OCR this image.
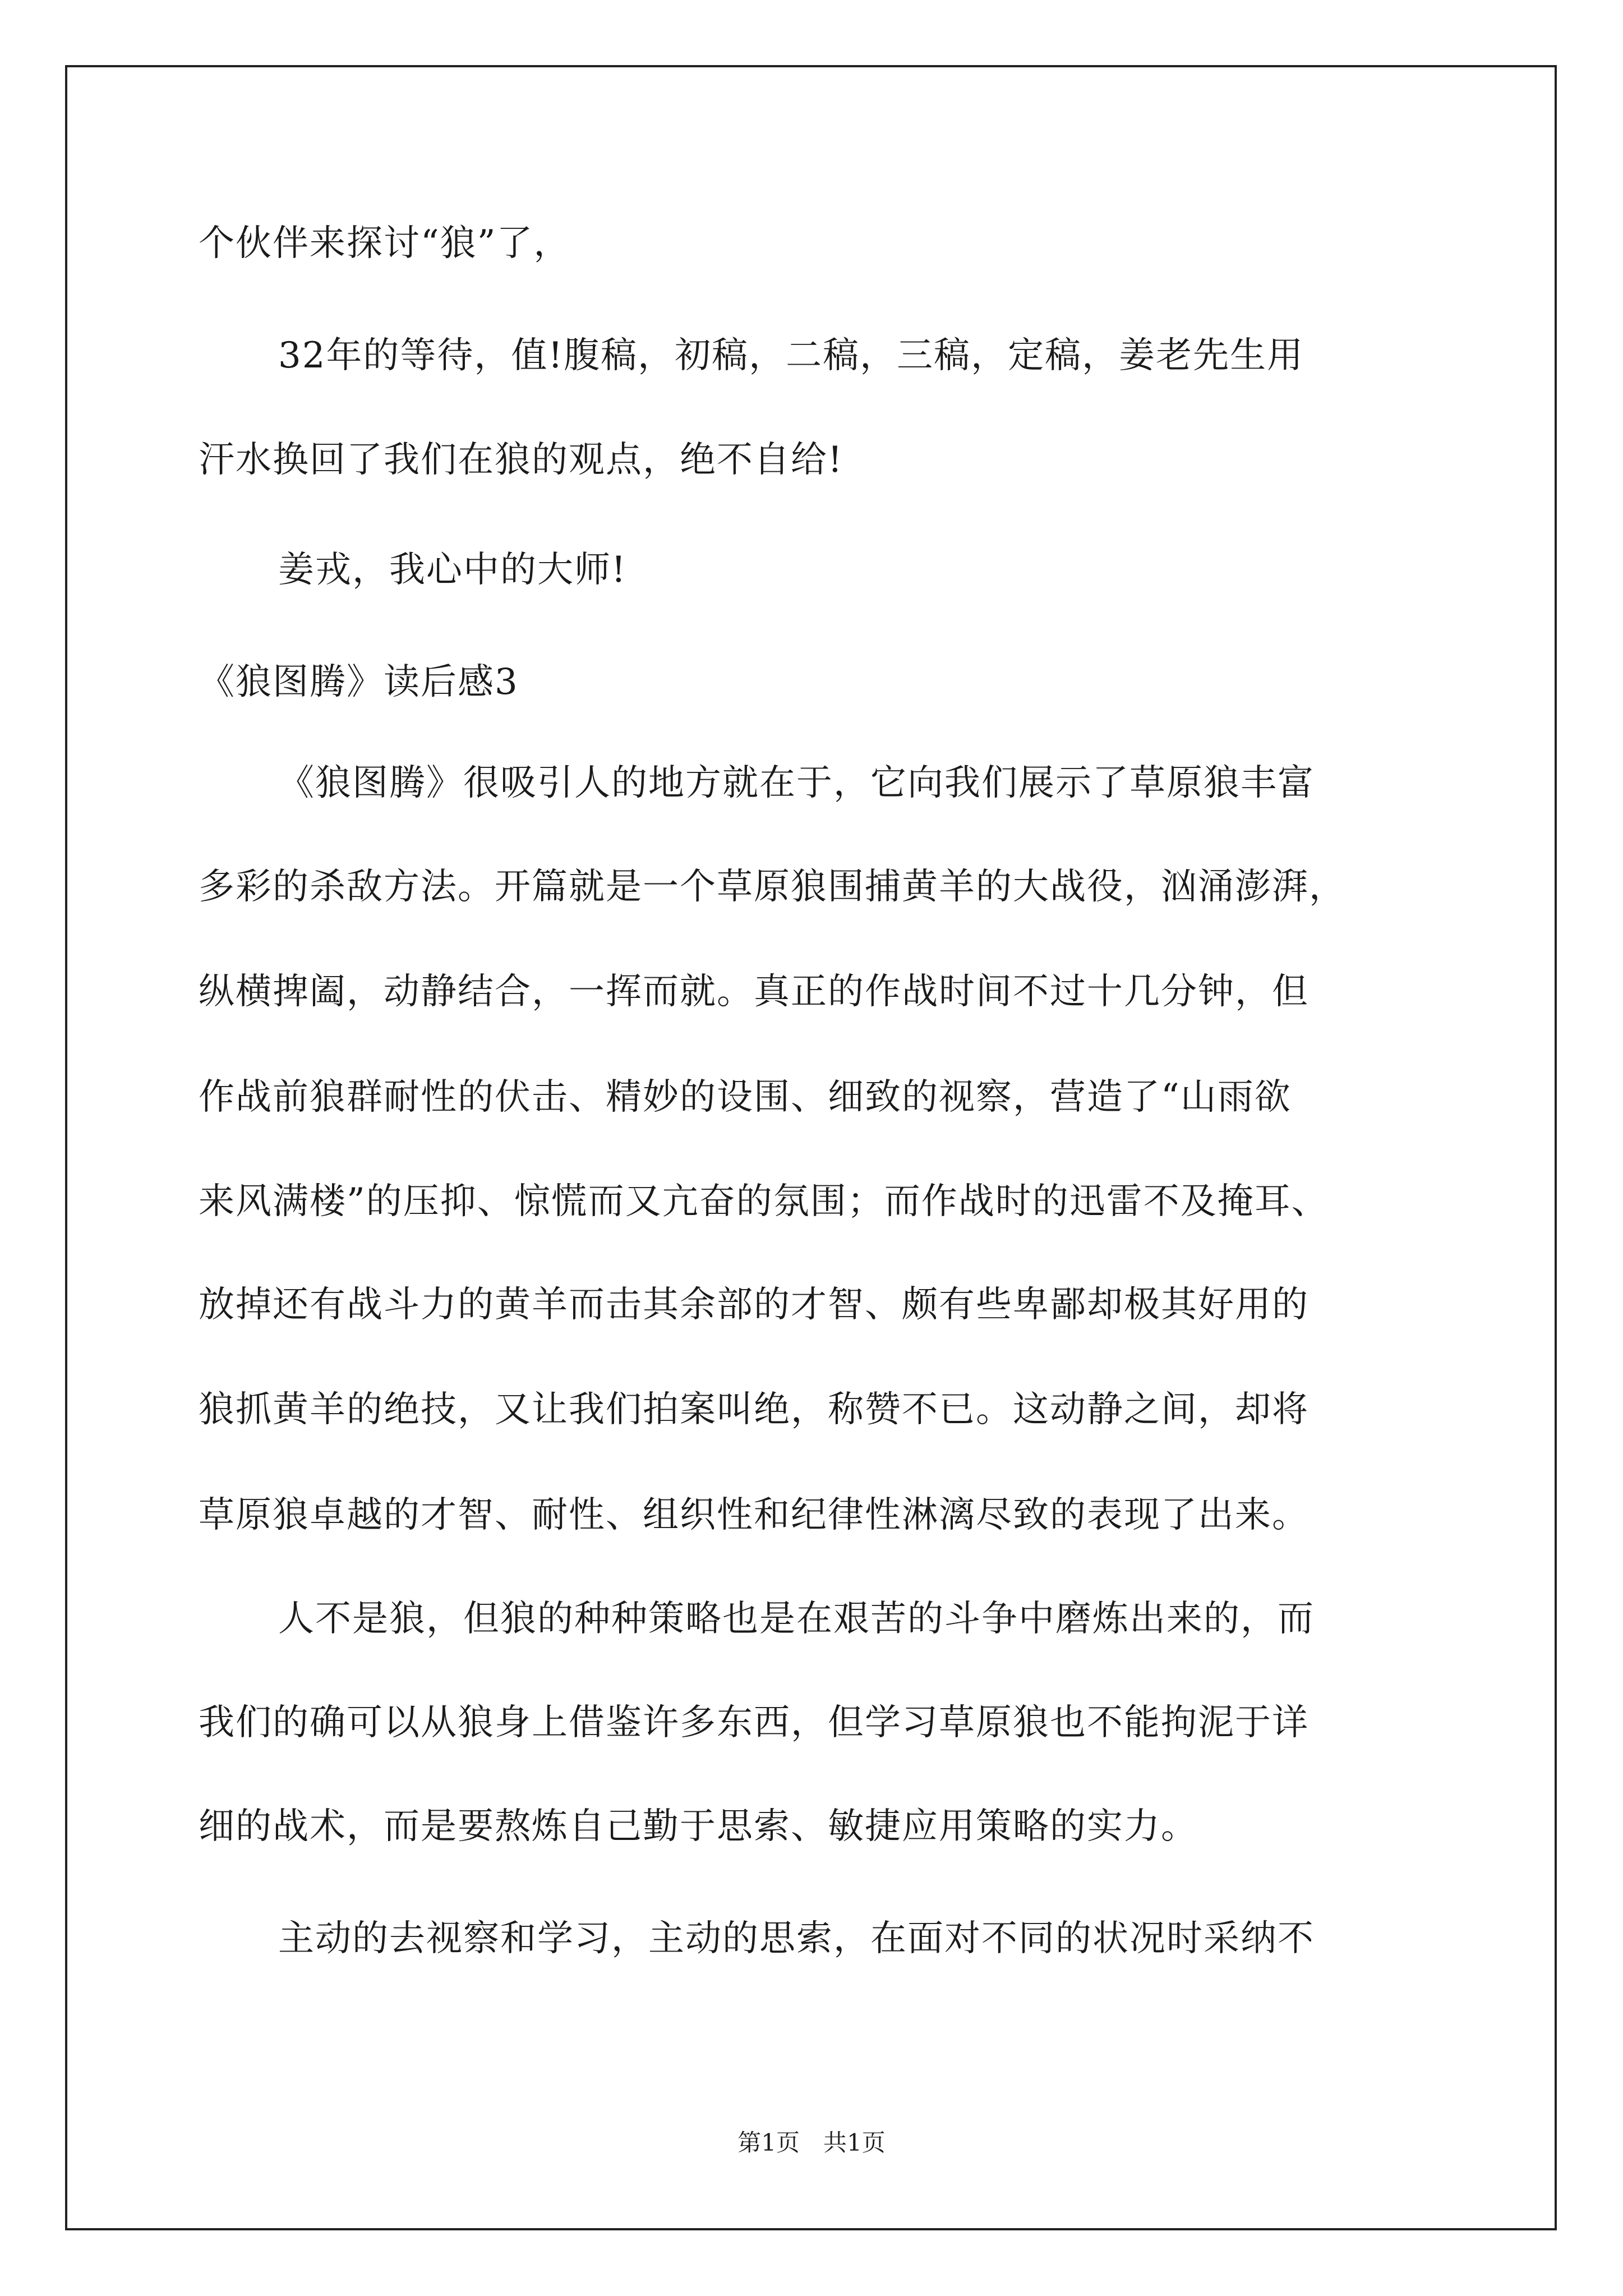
个伙伴来探讨“狼”了，
32年的等待，值!腹稿，初稿，二稿，三稿，定稿，姜老先生用
汗水换回了我们在狼的观点，绝不自给!
姜戎，我心中的大师!
《狼图腾》读后感3
《狼图腾》很吸引人的地方就在于，它向我们展示了草原狼丰富
多彩的杀敌方法。开篇就是一个草原狼围捕黄羊的大战役，汹涌澎湃，
纵横捭阖，动静结合，一挥而就。真正的作战时间不过十几分钟，但
作战前狼群耐性的伏击、精妙的设围、细致的视察，营造了“山雨欲
来风满楼”的压抑、惊慌而又亢奋的氛围；而作战时的迅雷不及掩耳、
放掉还有战斗力的黄羊而击其余部的才智、颇有些卑鄙却极其好用的
狼抓黄羊的绝技，又让我们拍案叫绝，称赞不已。这动静之间，却将
草原狼卓越的才智、耐性、组织性和纪律性淋漓尽致的表现了出来。
人不是狼，但狼的种种策略也是在艰苦的斗争中磨炼出来的，而
我们的确可以从狼身上借鉴许多东西，但学习草原狼也不能拘泥于详
细的战术，而是要熬炼自己勤于思索、敏捷应用策略的实力。
主动的去视察和学习，主动的思索，在面对不同的状况时采纳不
第1页　共1页
